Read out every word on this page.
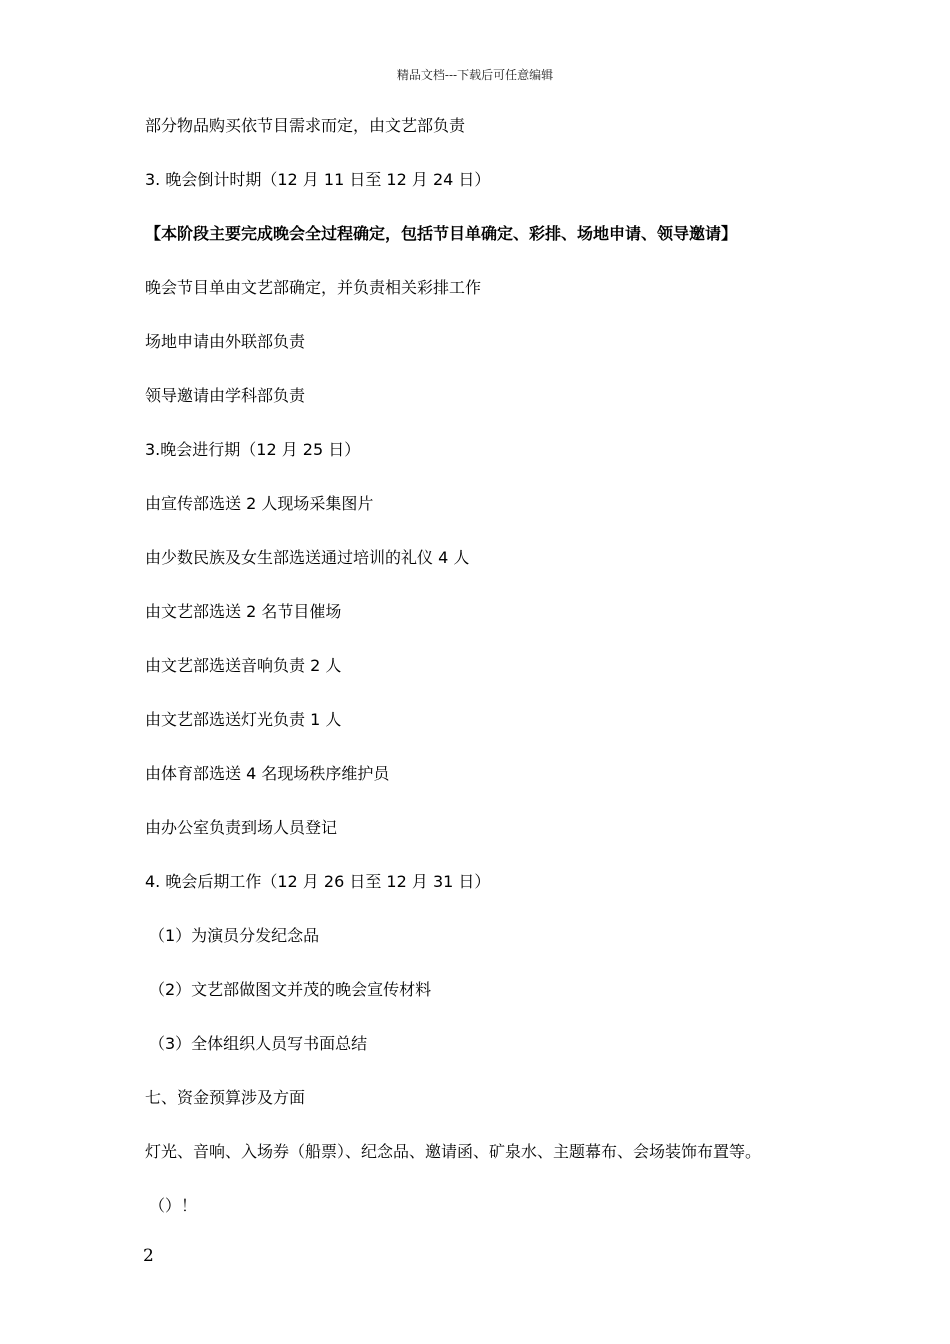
精品文档---下载后可任意编辑
部分物品购买依节目需求而定，由文艺部负责
3. 晚会倒计时期（12 月 11 日至 12 月 24 日）
【本阶段主要完成晚会全过程确定，包括节目单确定、彩排、场地申请、领导邀请】
晚会节目单由文艺部确定，并负责相关彩排工作
场地申请由外联部负责
领导邀请由学科部负责
3.晚会进行期（12 月 25 日）
由宣传部选送 2 人现场采集图片
由少数民族及女生部选送通过培训的礼仪 4 人
由文艺部选送 2 名节目催场
由文艺部选送音响负责 2 人
由文艺部选送灯光负责 1 人
由体育部选送 4 名现场秩序维护员
由办公室负责到场人员登记
4. 晚会后期工作（12 月 26 日至 12 月 31 日）
（1）为演员分发纪念品
（2）文艺部做图文并茂的晚会宣传材料
（3）全体组织人员写书面总结
七、资金预算涉及方面
灯光、音响、入场券（船票）、纪念品、邀请函、矿泉水、主题幕布、会场装饰布置等。
（）！
2
